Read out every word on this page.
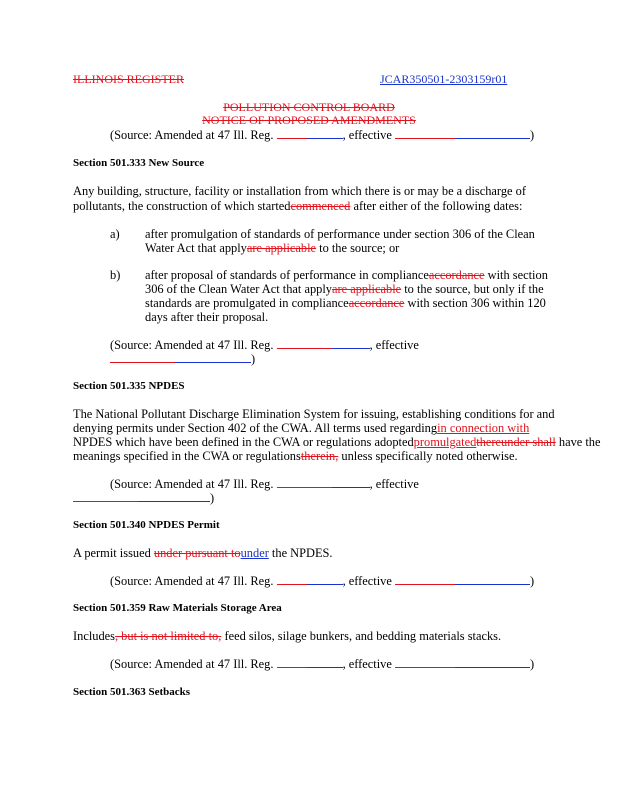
ILLINOIS REGISTER	JCAR350501-2303159r01
POLLUTION CONTROL BOARD
NOTICE OF PROPOSED AMENDMENTS
(Source: Amended at 47 Ill. Reg.	, effective	)
Section 501.333 New Source
Any building, structure, facility or installation from which there is or may be a discharge of
pollutants, the construction of which startedcommenced after either of the following dates:
a) after promulgation of standards of performance under section 306 of the Clean
Water Act that applyare applicable to the source; or
b) after proposal of standards of performance in complianceaccordance with section
306 of the Clean Water Act that applyare applicable to the source, but only if the
standards are promulgated in complianceaccordance with section 306 within 120
days after their proposal.
(Source: Amended at 47 Ill. Reg.	, effective
)
Section 501.335 NPDES
The National Pollutant Discharge Elimination System for issuing, establishing conditions for and
denying permits under Section 402 of the CWA. All terms used regardingin connection with
NPDES which have been defined in the CWA or regulations adoptedpromulgatedthereunder shall have the
meanings specified in the CWA or regulationstherein, unless specifically noted otherwise.
(Source: Amended at 47 Ill. Reg.	, effective
)
Section 501.340 NPDES Permit
A permit issued under pursuant tounder the NPDES.
(Source: Amended at 47 Ill. Reg.	, effective	)
Section 501.359 Raw Materials Storage Area
Includes, but is not limited to, feed silos, silage bunkers, and bedding materials stacks.
(Source: Amended at 47 Ill. Reg.	, effective	)
Section 501.363 Setbacks
